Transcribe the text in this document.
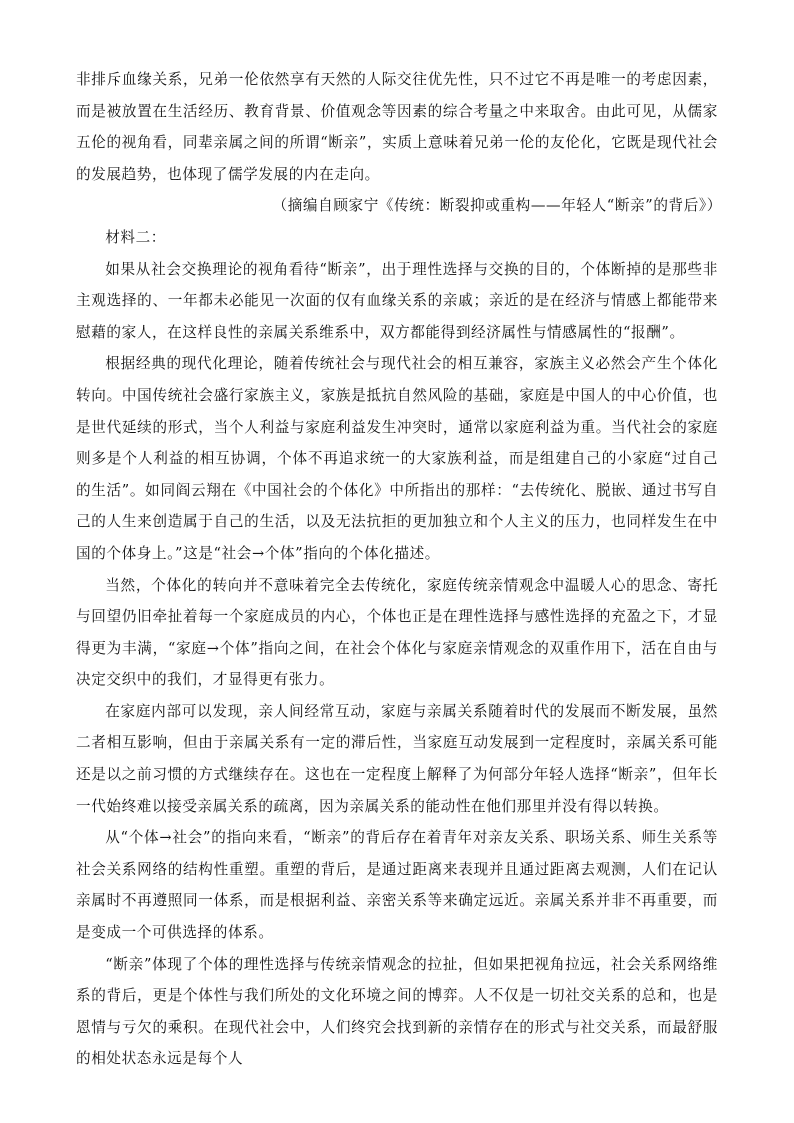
非排斥血缘关系，兄弟一伦依然享有天然的人际交往优先性，只不过它不再是唯一的考虑因素，而是被放置在生活经历、教育背景、价值观念等因素的综合考量之中来取舍。由此可见，从儒家五伦的视角看，同辈亲属之间的所谓“断亲”，实质上意味着兄弟一伦的友伦化，它既是现代社会的发展趋势，也体现了儒学发展的内在走向。

（摘编自顾家宁《传统：断裂抑或重构——年轻人“断亲”的背后》）

材料二：

如果从社会交换理论的视角看待“断亲”，出于理性选择与交换的目的，个体断掉的是那些非主观选择的、一年都未必能见一次面的仅有血缘关系的亲戚；亲近的是在经济与情感上都能带来慰藉的家人，在这样良性的亲属关系维系中，双方都能得到经济属性与情感属性的“报酬”。

根据经典的现代化理论，随着传统社会与现代社会的相互兼容，家族主义必然会产生个体化转向。中国传统社会盛行家族主义，家族是抵抗自然风险的基础，家庭是中国人的中心价值，也是世代延续的形式，当个人利益与家庭利益发生冲突时，通常以家庭利益为重。当代社会的家庭则多是个人利益的相互协调，个体不再追求统一的大家族利益，而是组建自己的小家庭“过自己的生活”。如同阎云翔在《中国社会的个体化》中所指出的那样：“去传统化、脱嵌、通过书写自己的人生来创造属于自己的生活，以及无法抗拒的更加独立和个人主义的压力，也同样发生在中国的个体身上。”这是“社会→个体”指向的个体化描述。

当然，个体化的转向并不意味着完全去传统化，家庭传统亲情观念中温暖人心的思念、寄托与回望仍旧牵扯着每一个家庭成员的内心，个体也正是在理性选择与感性选择的充盈之下，才显得更为丰满，“家庭→个体”指向之间，在社会个体化与家庭亲情观念的双重作用下，活在自由与决定交织中的我们，才显得更有张力。

在家庭内部可以发现，亲人间经常互动，家庭与亲属关系随着时代的发展而不断发展，虽然二者相互影响，但由于亲属关系有一定的滞后性，当家庭互动发展到一定程度时，亲属关系可能还是以之前习惯的方式继续存在。这也在一定程度上解释了为何部分年轻人选择“断亲”，但年长一代始终难以接受亲属关系的疏离，因为亲属关系的能动性在他们那里并没有得以转换。

从“个体→社会”的指向来看，“断亲”的背后存在着青年对亲友关系、职场关系、师生关系等社会关系网络的结构性重塑。重塑的背后，是通过距离来表现并且通过距离去观测，人们在记认亲属时不再遵照同一体系，而是根据利益、亲密关系等来确定远近。亲属关系并非不再重要，而是变成一个可供选择的体系。

“断亲”体现了个体的理性选择与传统亲情观念的拉扯，但如果把视角拉远，社会关系网络维系的背后，更是个体性与我们所处的文化环境之间的博弈。人不仅是一切社交关系的总和，也是恩情与亏欠的乘积。在现代社会中，人们终究会找到新的亲情存在的形式与社交关系，而最舒服的相处状态永远是每个人
